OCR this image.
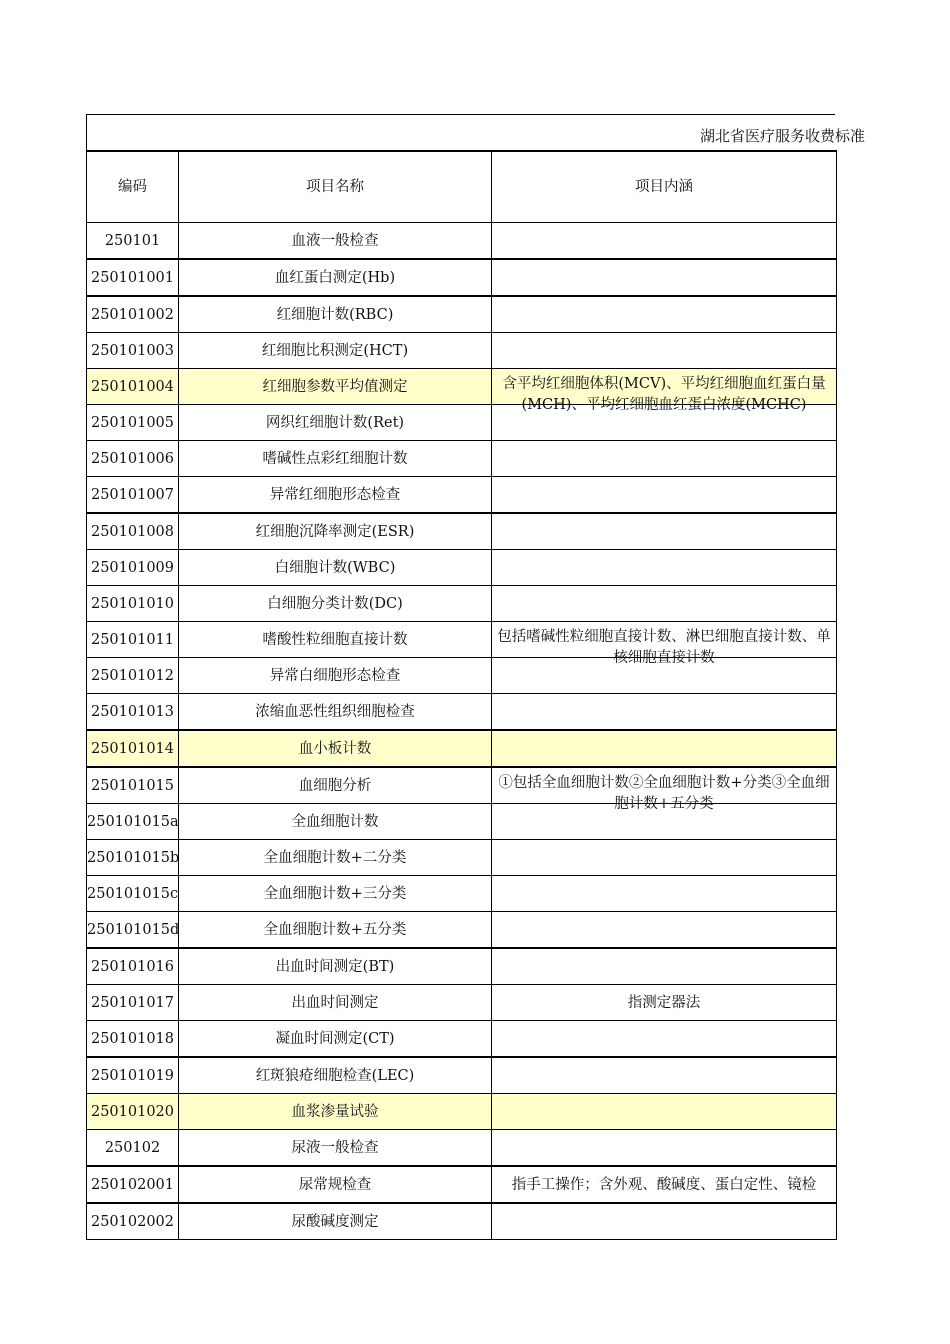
湖北省医疗服务收费标准
编码	项目名称	项目内涵
250101	血液一般检查	
250101001	血红蛋白测定(Hb)	
250101002	红细胞计数(RBC)	
250101003	红细胞比积测定(HCT)	
250101004	红细胞参数平均值测定	含平均红细胞体积(MCV)、平均红细胞血红蛋白量(MCH)、平均红细胞血红蛋白浓度(MCHC)

250101005	网织红细胞计数(Ret)	
250101006	嗜碱性点彩红细胞计数	
250101007	异常红细胞形态检查	
250101008	红细胞沉降率测定(ESR)	
250101009	白细胞计数(WBC)	
250101010	白细胞分类计数(DC)	
250101011	嗜酸性粒细胞直接计数	包括嗜碱性粒细胞直接计数、淋巴细胞直接计数、单核细胞直接计数

250101012	异常白细胞形态检查	
250101013	浓缩血恶性组织细胞检查	
250101014	血小板计数	
250101015	血细胞分析	①包括全血细胞计数②全血细胞计数+分类③全血细胞计数+五分类

250101015a	全血细胞计数	
250101015b	全血细胞计数+二分类	
250101015c	全血细胞计数+三分类	
250101015d	全血细胞计数+五分类	
250101016	出血时间测定(BT)	
250101017	出血时间测定	指测定器法
250101018	凝血时间测定(CT)	
250101019	红斑狼疮细胞检查(LEC)	
250101020	血浆渗量试验	
250102	尿液一般检查	
250102001	尿常规检查	指手工操作；含外观、酸碱度、蛋白定性、镜检
250102002	尿酸碱度测定	
